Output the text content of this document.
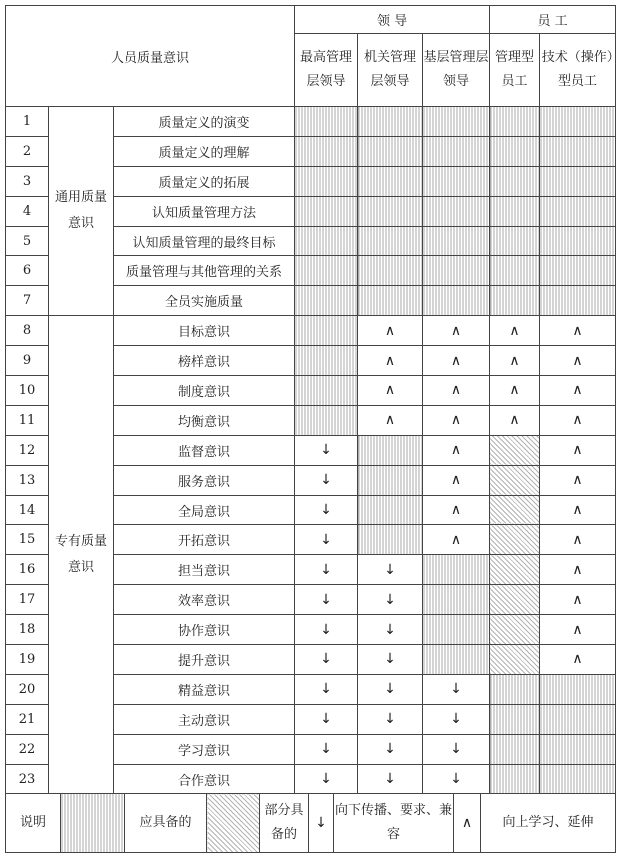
人员质量意识			领 导			员 工	
			最高管理层领导	机关管理层领导	基层管理层领导	管理型员工	技术（操作）型员工
1	通用质量意识	质量定义的演变					
2		质量定义的理解					
3		质量定义的拓展					
4		认知质量管理方法					
5		认知质量管理的最终目标					
6		质量管理与其他管理的关系					
7		全员实施质量					
8	专有质量意识	目标意识		∧	∧	∧	∧
9		榜样意识		∧	∧	∧	∧
10		制度意识		∧	∧	∧	∧
11		均衡意识		∧	∧	∧	∧
12		监督意识	↓		∧		∧
13		服务意识	↓		∧		∧
14		全局意识	↓		∧		∧
15		开拓意识	↓		∧		∧
16		担当意识	↓	↓			∧
17		效率意识	↓	↓			∧
18		协作意识	↓	↓			∧
19		提升意识	↓	↓			∧
20		精益意识	↓	↓	↓		
21		主动意识	↓	↓	↓		
22		学习意识	↓	↓	↓		
23		合作意识	↓	↓	↓		
说明		应具备的		部分具备的	↓	向下传播、要求、兼容	∧	向上学习、延伸
